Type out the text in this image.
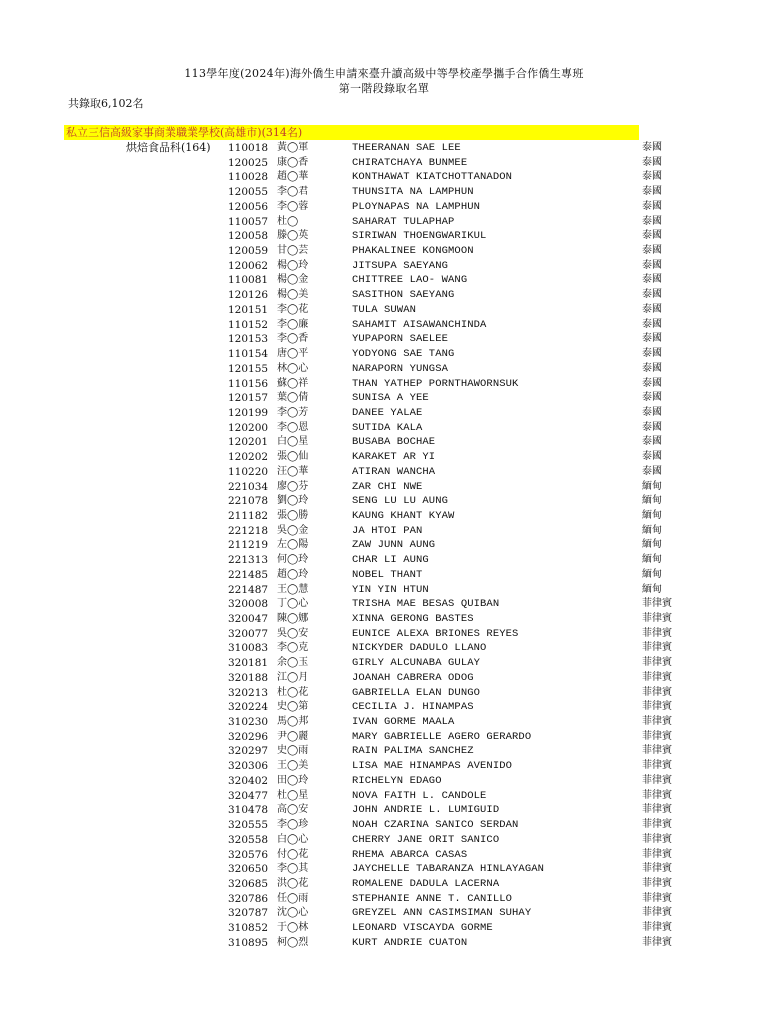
113學年度(2024年)海外僑生申請來臺升讀高級中等學校產學攜手合作僑生專班
第一階段錄取名單
共錄取6,102名
私立三信高級家事商業職業學校(高雄市)(314名)
烘焙食品科(164) 110018 黃◯軍	THEERANAN SAE LEE	泰國
120025 康◯香	CHIRATCHAYA BUNMEE	泰國
110028 趙◯華	KONTHAWAT KIATCHOTTANADON	泰國
120055 李◯君	THUNSITA NA LAMPHUN	泰國
120056 李◯蓉	PLOYNAPAS NA LAMPHUN	泰國
110057 杜◯	SAHARAT TULAPHAP	泰國
120058 滕◯英	SIRIWAN THOENGWARIKUL	泰國
120059 甘◯芸	PHAKALINEE KONGMOON	泰國
120062 楊◯玲	JITSUPA SAEYANG	泰國
110081 楊◯金	CHITTREE LAO- WANG	泰國
120126 楊◯美	SASITHON SAEYANG	泰國
120151 李◯花	TULA SUWAN	泰國
110152 李◯廉	SAHAMIT AISAWANCHINDA	泰國
120153 李◯香	YUPAPORN SAELEE	泰國
110154 唐◯平	YODYONG SAE TANG	泰國
120155 林◯心	NARAPORN YUNGSA	泰國
110156 蘇◯祥	THAN YATHEP PORNTHAWORNSUK	泰國
120157 葉◯倩	SUNISA A YEE	泰國
120199 李◯芳	DANEE YALAE	泰國
120200 李◯恩	SUTIDA KALA	泰國
120201 白◯星	BUSABA BOCHAE	泰國
120202 張◯仙	KARAKET AR YI	泰國
110220 汪◯華	ATIRAN WANCHA	泰國
221034 廖◯芬	ZAR CHI NWE	緬甸
221078 劉◯玲	SENG LU LU AUNG	緬甸
211182 張◯勝	KAUNG KHANT KYAW	緬甸
221218 吳◯金	JA HTOI PAN	緬甸
211219 左◯陽	ZAW JUNN AUNG	緬甸
221313 何◯玲	CHAR LI AUNG	緬甸
221485 趙◯玲	NOBEL THANT	緬甸
221487 王◯慧	YIN YIN HTUN	緬甸
320008 丁◯心	TRISHA MAE BESAS QUIBAN	菲律賓
320047 陳◯娜	XINNA GERONG BASTES	菲律賓
320077 吳◯安	EUNICE ALEXA BRIONES REYES	菲律賓
310083 李◯克	NICKYDER DADULO LLANO	菲律賓
320181 余◯玉	GIRLY ALCUNABA GULAY	菲律賓
320188 江◯月	JOANAH CABRERA ODOG	菲律賓
320213 杜◯花	GABRIELLA ELAN DUNGO	菲律賓
320224 史◯第	CECILIA J. HINAMPAS	菲律賓
310230 馬◯邦	IVAN GORME MAALA	菲律賓
320296 尹◯麗	MARY GABRIELLE AGERO GERARDO	菲律賓
320297 史◯雨	RAIN PALIMA SANCHEZ	菲律賓
320306 王◯美	LISA MAE HINAMPAS AVENIDO	菲律賓
320402 田◯玲	RICHELYN EDAGO	菲律賓
320477 杜◯星	NOVA FAITH L. CANDOLE	菲律賓
310478 高◯安	JOHN ANDRIE L. LUMIGUID	菲律賓
320555 李◯珍	NOAH CZARINA SANICO SERDAN	菲律賓
320558 白◯心	CHERRY JANE ORIT SANICO	菲律賓
320576 付◯花	RHEMA ABARCA CASAS	菲律賓
320650 李◯其	JAYCHELLE TABARANZA HINLAYAGAN	菲律賓
320685 洪◯花	ROMALENE DADULA LACERNA	菲律賓
320786 任◯雨	STEPHANIE ANNE T. CANILLO	菲律賓
320787 沈◯心	GREYZEL ANN CASIMSIMAN SUHAY	菲律賓
310852 于◯林	LEONARD VISCAYDA GORME	菲律賓
310895 柯◯烈	KURT ANDRIE CUATON	菲律賓
